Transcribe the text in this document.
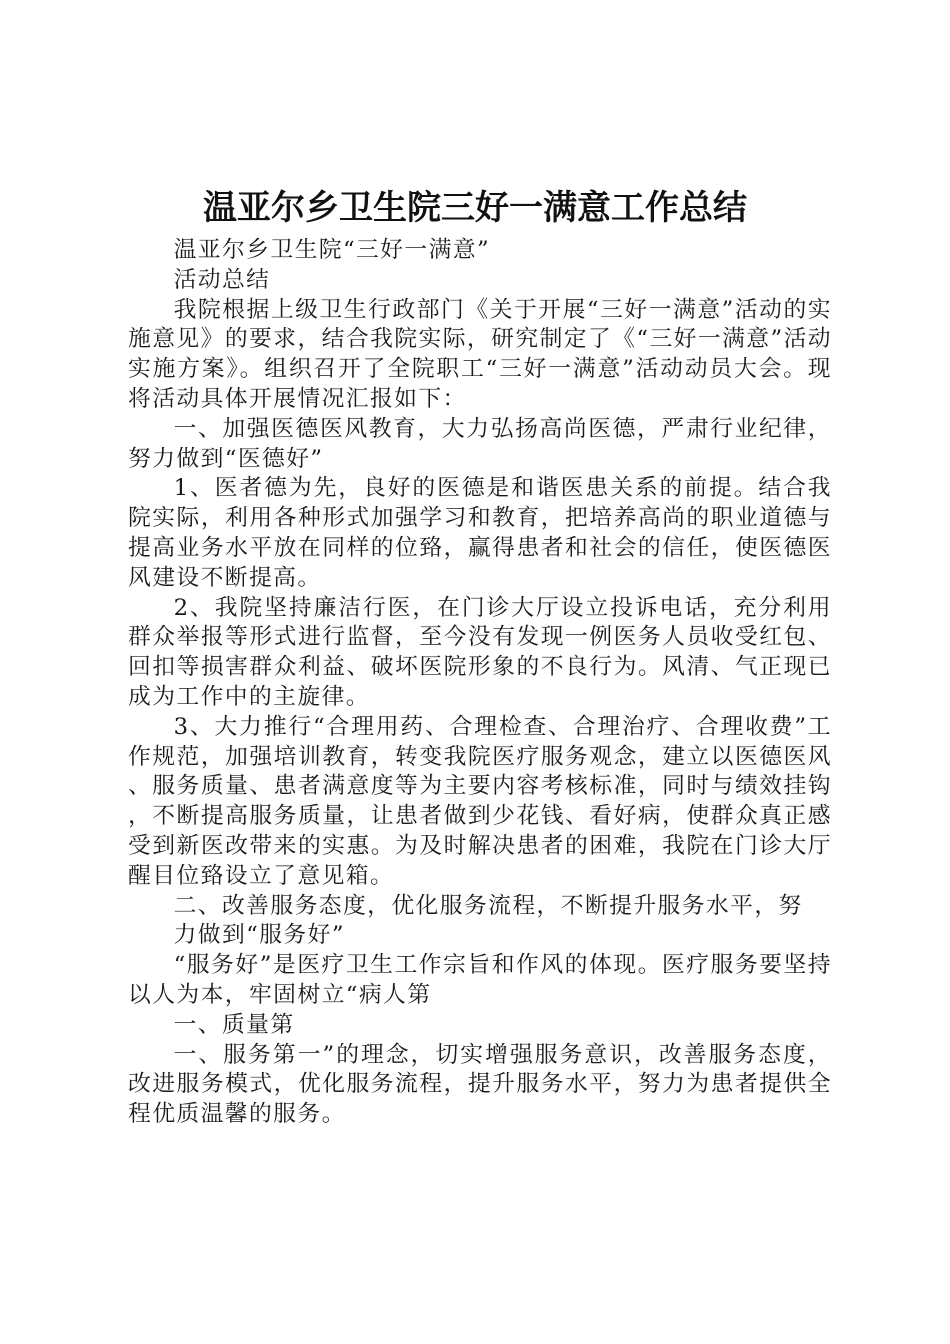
温亚尔乡卫生院三好一满意工作总结

温亚尔乡卫生院“三好一满意”

活动总结

我院根据上级卫生行政部门《关于开展“三好一满意”活动的实施意见》的要求，结合我院实际，研究制定了《“三好一满意”活动实施方案》。组织召开了全院职工“三好一满意”活动动员大会。现将活动具体开展情况汇报如下：

一、加强医德医风教育，大力弘扬高尚医德，严肃行业纪律，努力做到“医德好”

1、医者德为先，良好的医德是和谐医患关系的前提。结合我院实际，利用各种形式加强学习和教育，把培养高尚的职业道德与提高业务水平放在同样的位臵，赢得患者和社会的信任，使医德医风建设不断提高。

2、我院坚持廉洁行医，在门诊大厅设立投诉电话，充分利用群众举报等形式进行监督，至今没有发现一例医务人员收受红包、回扣等损害群众利益、破坏医院形象的不良行为。风清、气正现已成为工作中的主旋律。

3、大力推行“合理用药、合理检查、合理治疗、合理收费”工作规范，加强培训教育，转变我院医疗服务观念，建立以医德医风、服务质量、患者满意度等为主要内容考核标准，同时与绩效挂钩，不断提高服务质量，让患者做到少花钱、看好病，使群众真正感受到新医改带来的实惠。为及时解决患者的困难，我院在门诊大厅醒目位臵设立了意见箱。

二、改善服务态度，优化服务流程，不断提升服务水平，努

力做到“服务好”

“服务好”是医疗卫生工作宗旨和作风的体现。医疗服务要坚持以人为本，牢固树立“病人第

一、质量第

一、服务第一”的理念，切实增强服务意识，改善服务态度，改进服务模式，优化服务流程，提升服务水平，努力为患者提供全程优质温馨的服务。
